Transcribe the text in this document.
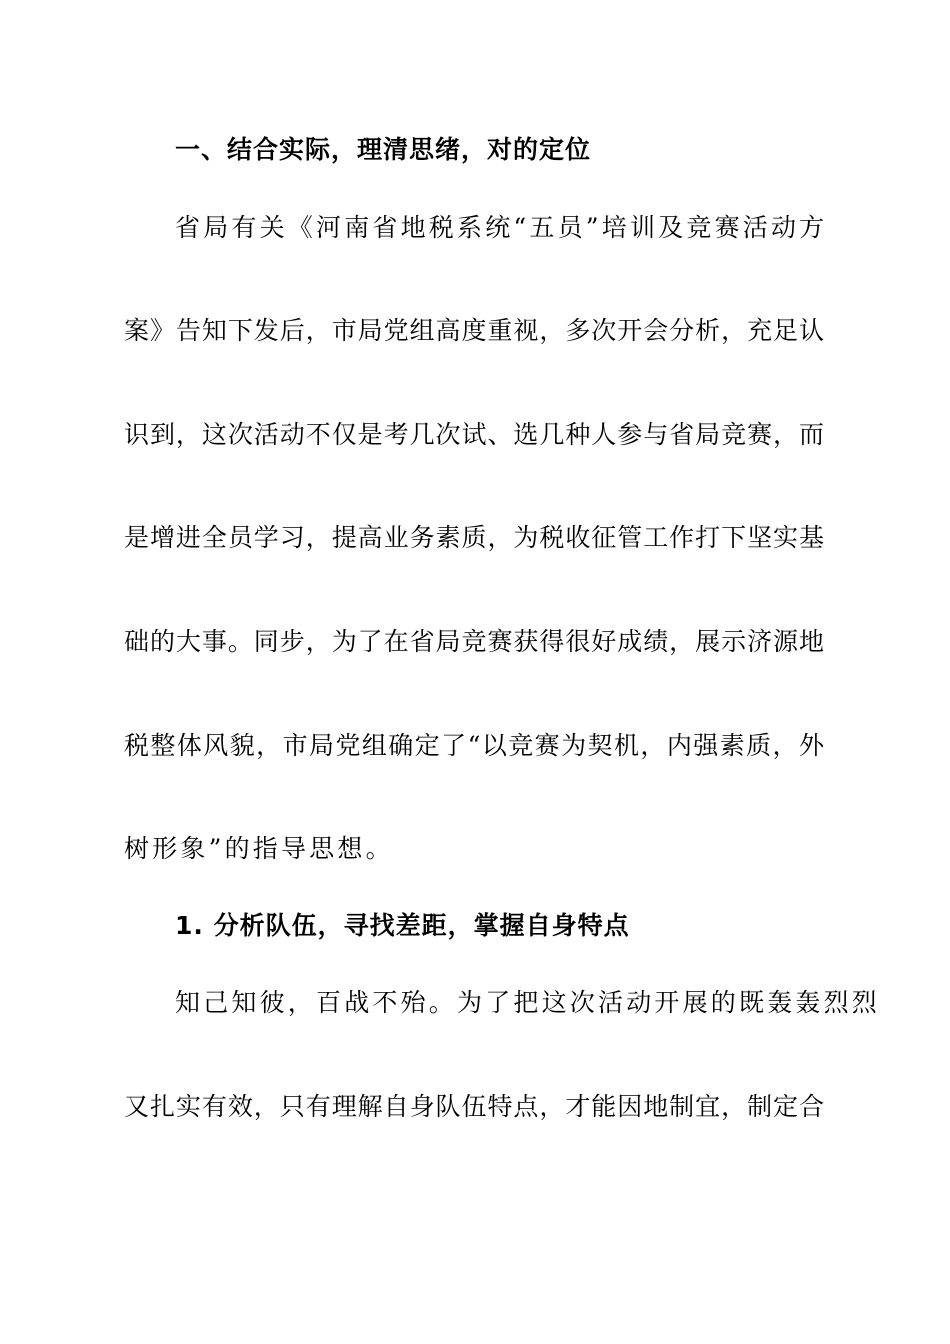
一、结合实际，理清思绪，对的定位
省局有关《河南省地税系统“五员”培训及竞赛活动方
案》告知下发后，市局党组高度重视，多次开会分析，充足认
识到，这次活动不仅是考几次试、选几种人参与省局竞赛，而
是增进全员学习，提高业务素质，为税收征管工作打下坚实基
础的大事。同步，为了在省局竞赛获得很好成绩，展示济源地
税整体风貌，市局党组确定了“以竞赛为契机，内强素质，外
树形象”的指导思想。
1. 分析队伍，寻找差距，掌握自身特点
知己知彼，百战不殆。为了把这次活动开展的既轰轰烈烈
又扎实有效，只有理解自身队伍特点，才能因地制宜，制定合
